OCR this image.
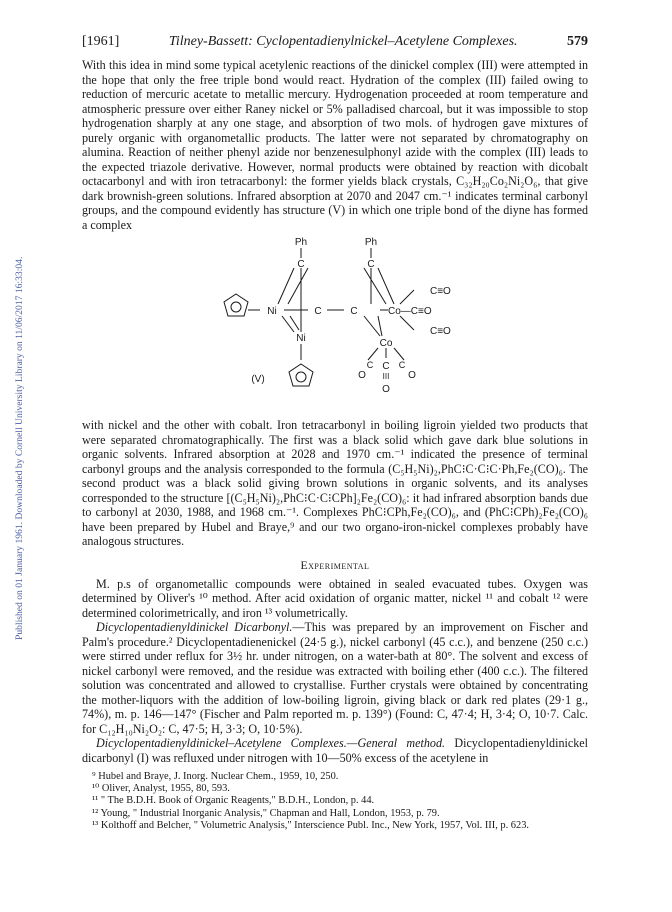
Published on 01 January 1961. Downloaded by Cornell University Library on 11/06/2017 16:33:04.
[1961]	Tilney-Bassett: Cyclopentadienylnickel–Acetylene Complexes.	579

With this idea in mind some typical acetylenic reactions of the dinickel complex (III) were attempted in the hope that only the free triple bond would react. Hydration of the complex (III) failed owing to reduction of mercuric acetate to metallic mercury. Hydrogenation proceeded at room temperature and atmospheric pressure over either Raney nickel or 5% palladised charcoal, but it was impossible to stop hydrogenation sharply at any one stage, and absorption of two mols. of hydrogen gave mixtures of purely organic with organometallic products. The latter were not separated by chromatography on alumina. Reaction of neither phenyl azide nor benzenesulphonyl azide with the complex (III) leads to the expected triazole derivative. However, normal products were obtained by reaction with dicobalt octacarbonyl and with iron tetracarbonyl: the former yields black crystals, C₃₂H₂₀Co₂Ni₂O₆, that give dark brownish-green solutions. Infrared absorption at 2070 and 2047 cm.⁻¹ indicates terminal carbonyl groups, and the compound evidently has structure (V) in which one triple bond of the diyne has formed a complex

Ph	Ph
C	C
Ni	C	C
Ni
C≡O
Co—C≡O
C≡O
Co
C
III
O
C
O
C
O
(V)

with nickel and the other with cobalt. Iron tetracarbonyl in boiling ligroin yielded two products that were separated chromatographically. The first was a black solid which gave dark blue solutions in organic solvents. Infrared absorption at 2028 and 1970 cm.⁻¹ indicated the presence of terminal carbonyl groups and the analysis corresponded to the formula (C₅H₅Ni)₂,PhC⁝C·C⁝C·Ph,Fe₂(CO)₆. The second product was a black solid giving brown solutions in organic solvents, and its analyses corresponded to the structure [(C₅H₅Ni)₂,PhC⁝C·C⁝CPh]₂Fe₂(CO)₆: it had infrared absorption bands due to carbonyl at 2030, 1988, and 1968 cm.⁻¹. Complexes PhC⁝CPh,Fe₂(CO)₆, and (PhC⁝CPh)₂Fe₂(CO)₆ have been prepared by Hubel and Braye,⁹ and our two organo-iron-nickel complexes probably have analogous structures.

Experimental

M. p.s of organometallic compounds were obtained in sealed evacuated tubes. Oxygen was determined by Oliver's ¹⁰ method. After acid oxidation of organic matter, nickel ¹¹ and cobalt ¹² were determined colorimetrically, and iron ¹³ volumetrically.

Dicyclopentadienyldinickel Dicarbonyl.—This was prepared by an improvement on Fischer and Palm's procedure.² Dicyclopentadienenickel (24·5 g.), nickel carbonyl (45 c.c.), and benzene (250 c.c.) were stirred under reflux for 3½ hr. under nitrogen, on a water-bath at 80°. The solvent and excess of nickel carbonyl were removed, and the residue was extracted with boiling ether (400 c.c.). The filtered solution was concentrated and allowed to crystallise. Further crystals were obtained by concentrating the mother-liquors with the addition of low-boiling ligroin, giving black or dark red plates (29·1 g., 74%), m. p. 146—147° (Fischer and Palm reported m. p. 139°) (Found: C, 47·4; H, 3·4; O, 10·7. Calc. for C₁₂H₁₀Ni₂O₂: C, 47·5; H, 3·3; O, 10·5%).

Dicyclopentadienyldinickel–Acetylene Complexes.—General method. Dicyclopentadienyldinickel dicarbonyl (I) was refluxed under nitrogen with 10—50% excess of the acetylene in

⁹ Hubel and Braye, J. Inorg. Nuclear Chem., 1959, 10, 250.

¹⁰ Oliver, Analyst, 1955, 80, 593.

¹¹ " The B.D.H. Book of Organic Reagents," B.D.H., London, p. 44.

¹² Young, " Industrial Inorganic Analysis," Chapman and Hall, London, 1953, p. 79.

¹³ Kolthoff and Belcher, " Volumetric Analysis," Interscience Publ. Inc., New York, 1957, Vol. III, p. 623.
